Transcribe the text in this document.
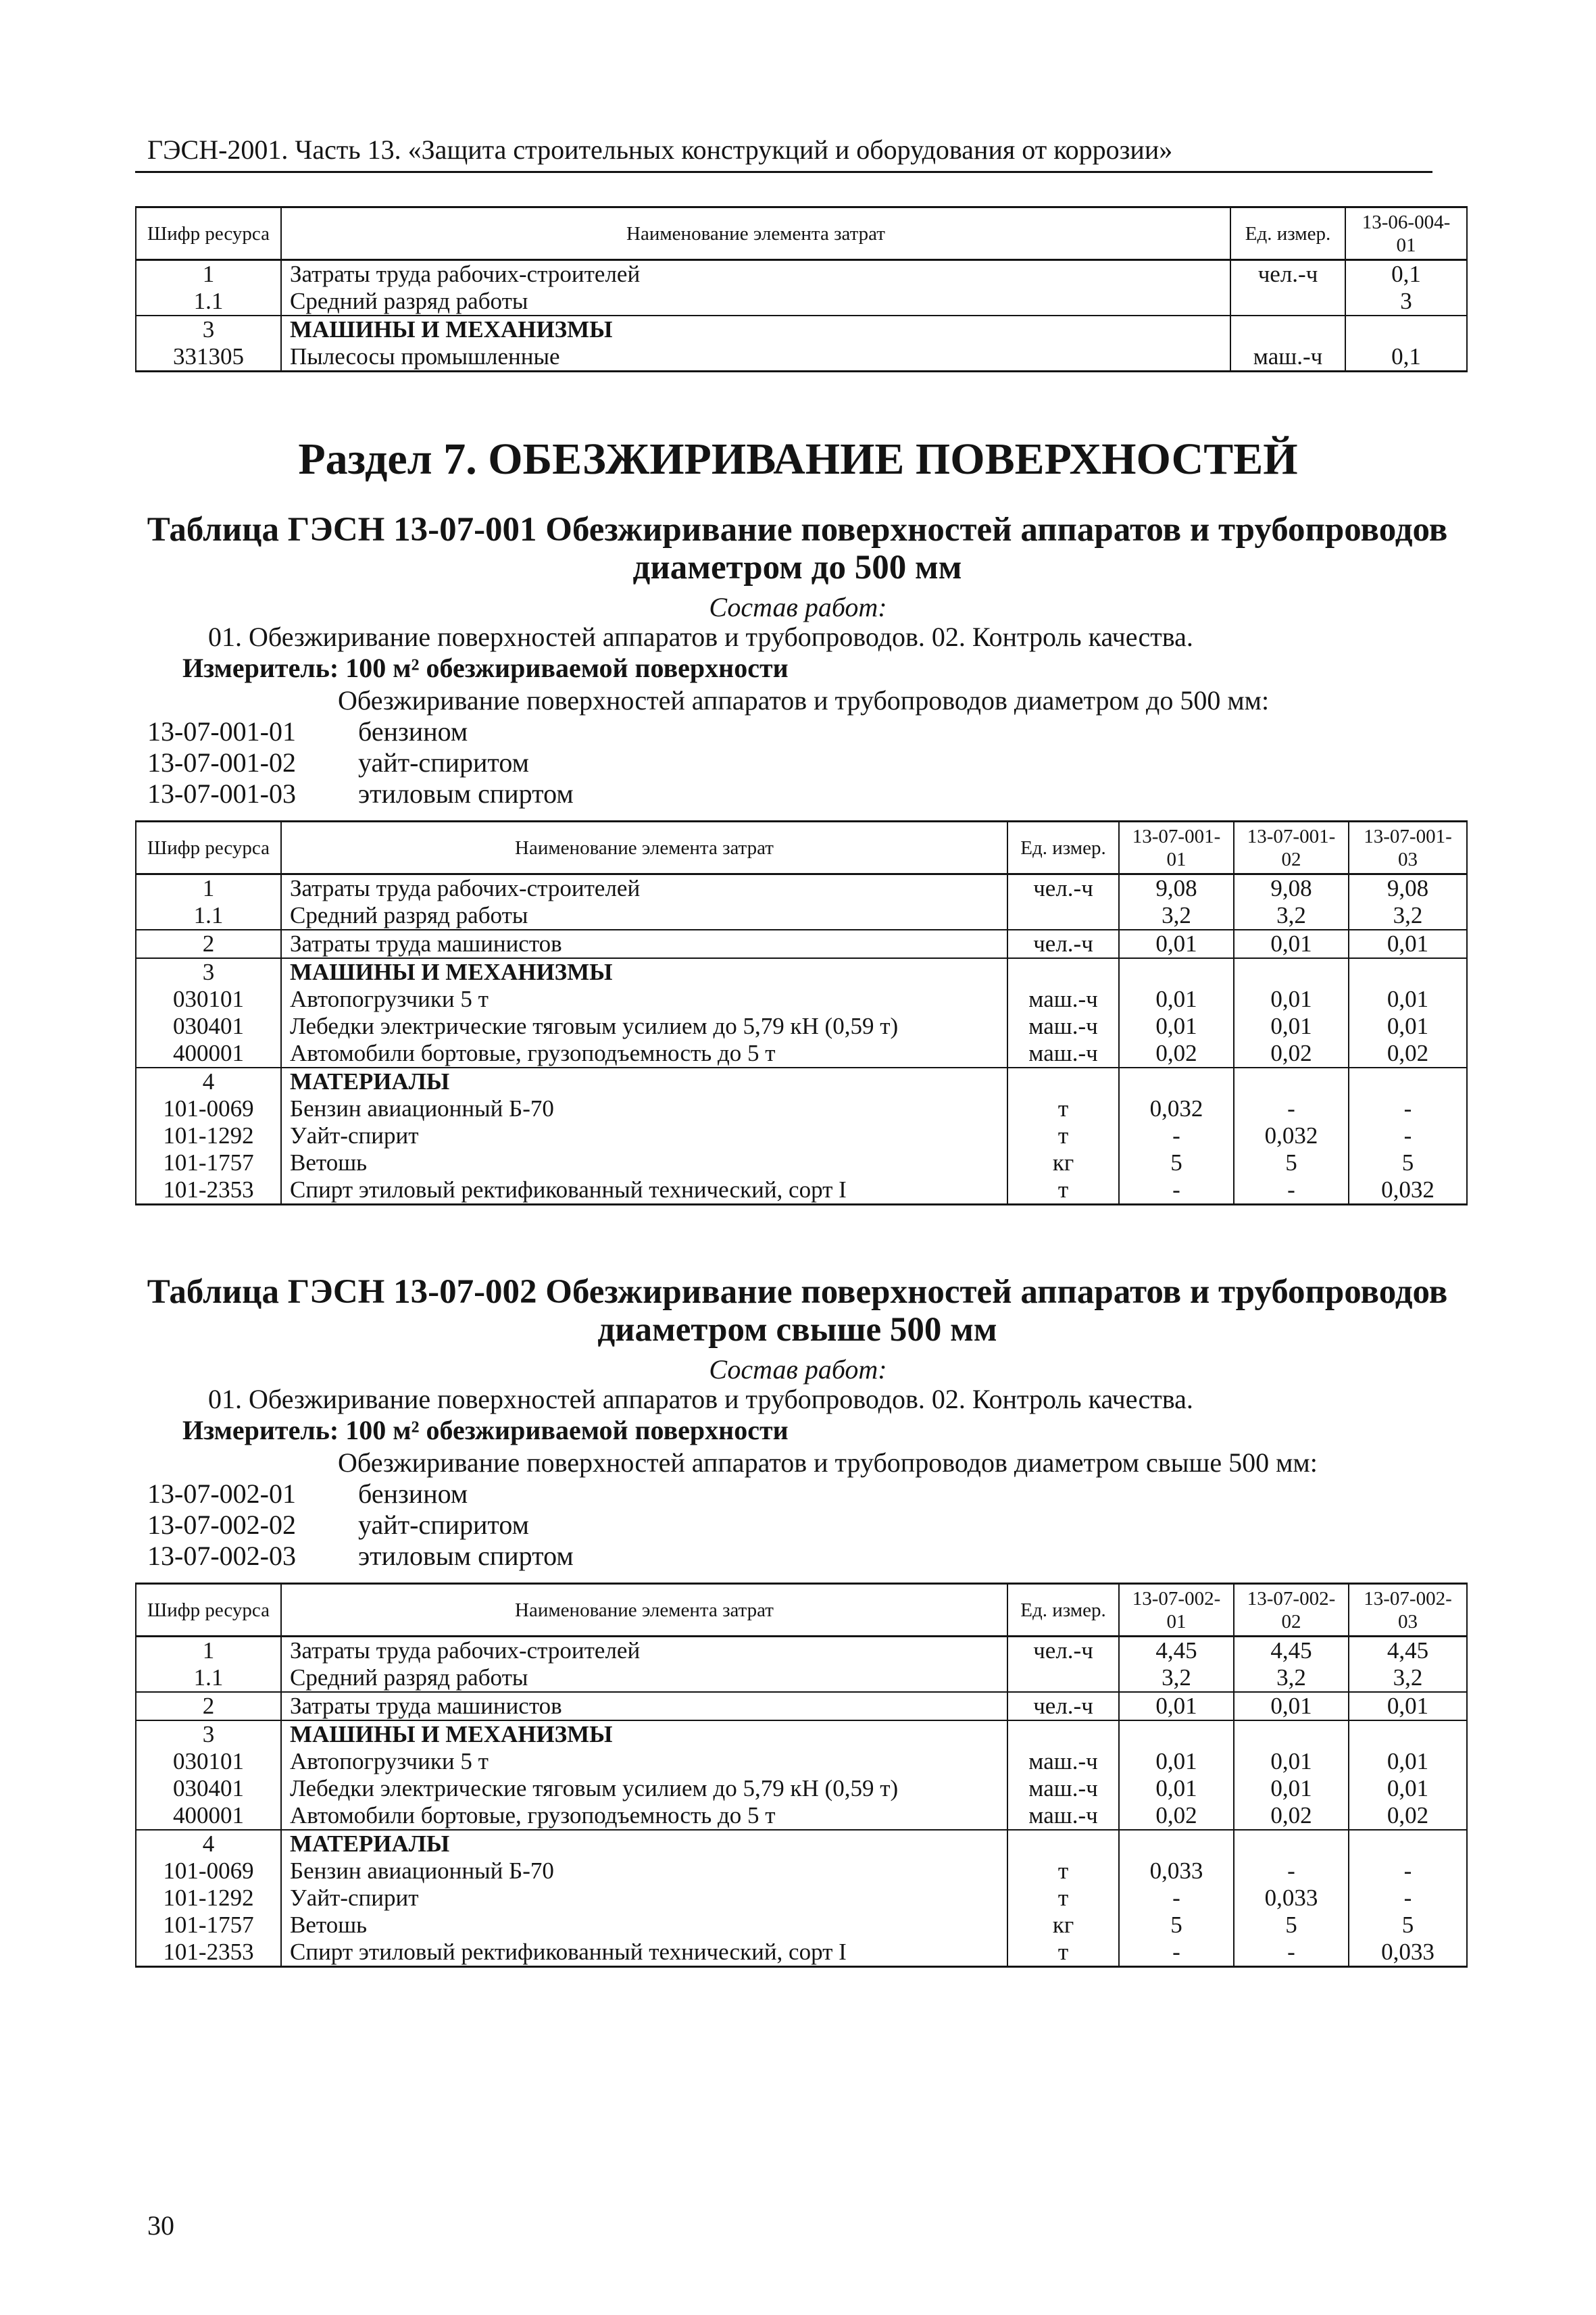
ГЭСН-2001. Часть 13. «Защита строительных конструкций и оборудования от коррозии»
Шифр ресурса	Наименование элемента затрат	Ед. измер.	13-06-004-01
1	Затраты труда рабочих-строителей	чел.-ч	0,1
1.1	Средний разряд работы		3
3	МАШИНЫ И МЕХАНИЗМЫ		
331305	Пылесосы промышленные	маш.-ч	0,1
Раздел 7. ОБЕЗЖИРИВАНИЕ ПОВЕРХНОСТЕЙ
Таблица ГЭСН 13-07-001 Обезжиривание поверхностей аппаратов и трубопроводов
диаметром до 500 мм
Состав работ:
01. Обезжиривание поверхностей аппаратов и трубопроводов. 02. Контроль качества.
Измеритель: 100 м² обезжириваемой поверхности
Обезжиривание поверхностей аппаратов и трубопроводов диаметром до 500 мм:
13-07-001-01 бензином
13-07-001-02 уайт-спиритом
13-07-001-03 этиловым спиртом
Шифр ресурса	Наименование элемента затрат	Ед. измер.	13-07-001-01	13-07-001-02	13-07-001-03
1	Затраты труда рабочих-строителей	чел.-ч	9,08	9,08	9,08
1.1	Средний разряд работы		3,2	3,2	3,2
2	Затраты труда машинистов	чел.-ч	0,01	0,01	0,01
3	МАШИНЫ И МЕХАНИЗМЫ				
030101	Автопогрузчики 5 т	маш.-ч	0,01	0,01	0,01
030401	Лебедки электрические тяговым усилием до 5,79 кН (0,59 т)	маш.-ч	0,01	0,01	0,01
400001	Автомобили бортовые, грузоподъемность до 5 т	маш.-ч	0,02	0,02	0,02
4	МАТЕРИАЛЫ				
101-0069	Бензин авиационный Б-70	т	0,032	-	-
101-1292	Уайт-спирит	т	-	0,032	-
101-1757	Ветошь	кг	5	5	5
101-2353	Спирт этиловый ректификованный технический, сорт I	т	-	-	0,032
Таблица ГЭСН 13-07-002 Обезжиривание поверхностей аппаратов и трубопроводов
диаметром свыше 500 мм
Состав работ:
01. Обезжиривание поверхностей аппаратов и трубопроводов. 02. Контроль качества.
Измеритель: 100 м² обезжириваемой поверхности
Обезжиривание поверхностей аппаратов и трубопроводов диаметром свыше 500 мм:
13-07-002-01 бензином
13-07-002-02 уайт-спиритом
13-07-002-03 этиловым спиртом
Шифр ресурса	Наименование элемента затрат	Ед. измер.	13-07-002-01	13-07-002-02	13-07-002-03
1	Затраты труда рабочих-строителей	чел.-ч	4,45	4,45	4,45
1.1	Средний разряд работы		3,2	3,2	3,2
2	Затраты труда машинистов	чел.-ч	0,01	0,01	0,01
3	МАШИНЫ И МЕХАНИЗМЫ				
030101	Автопогрузчики 5 т	маш.-ч	0,01	0,01	0,01
030401	Лебедки электрические тяговым усилием до 5,79 кН (0,59 т)	маш.-ч	0,01	0,01	0,01
400001	Автомобили бортовые, грузоподъемность до 5 т	маш.-ч	0,02	0,02	0,02
4	МАТЕРИАЛЫ				
101-0069	Бензин авиационный Б-70	т	0,033	-	-
101-1292	Уайт-спирит	т	-	0,033	-
101-1757	Ветошь	кг	5	5	5
101-2353	Спирт этиловый ректификованный технический, сорт I	т	-	-	0,033
30
